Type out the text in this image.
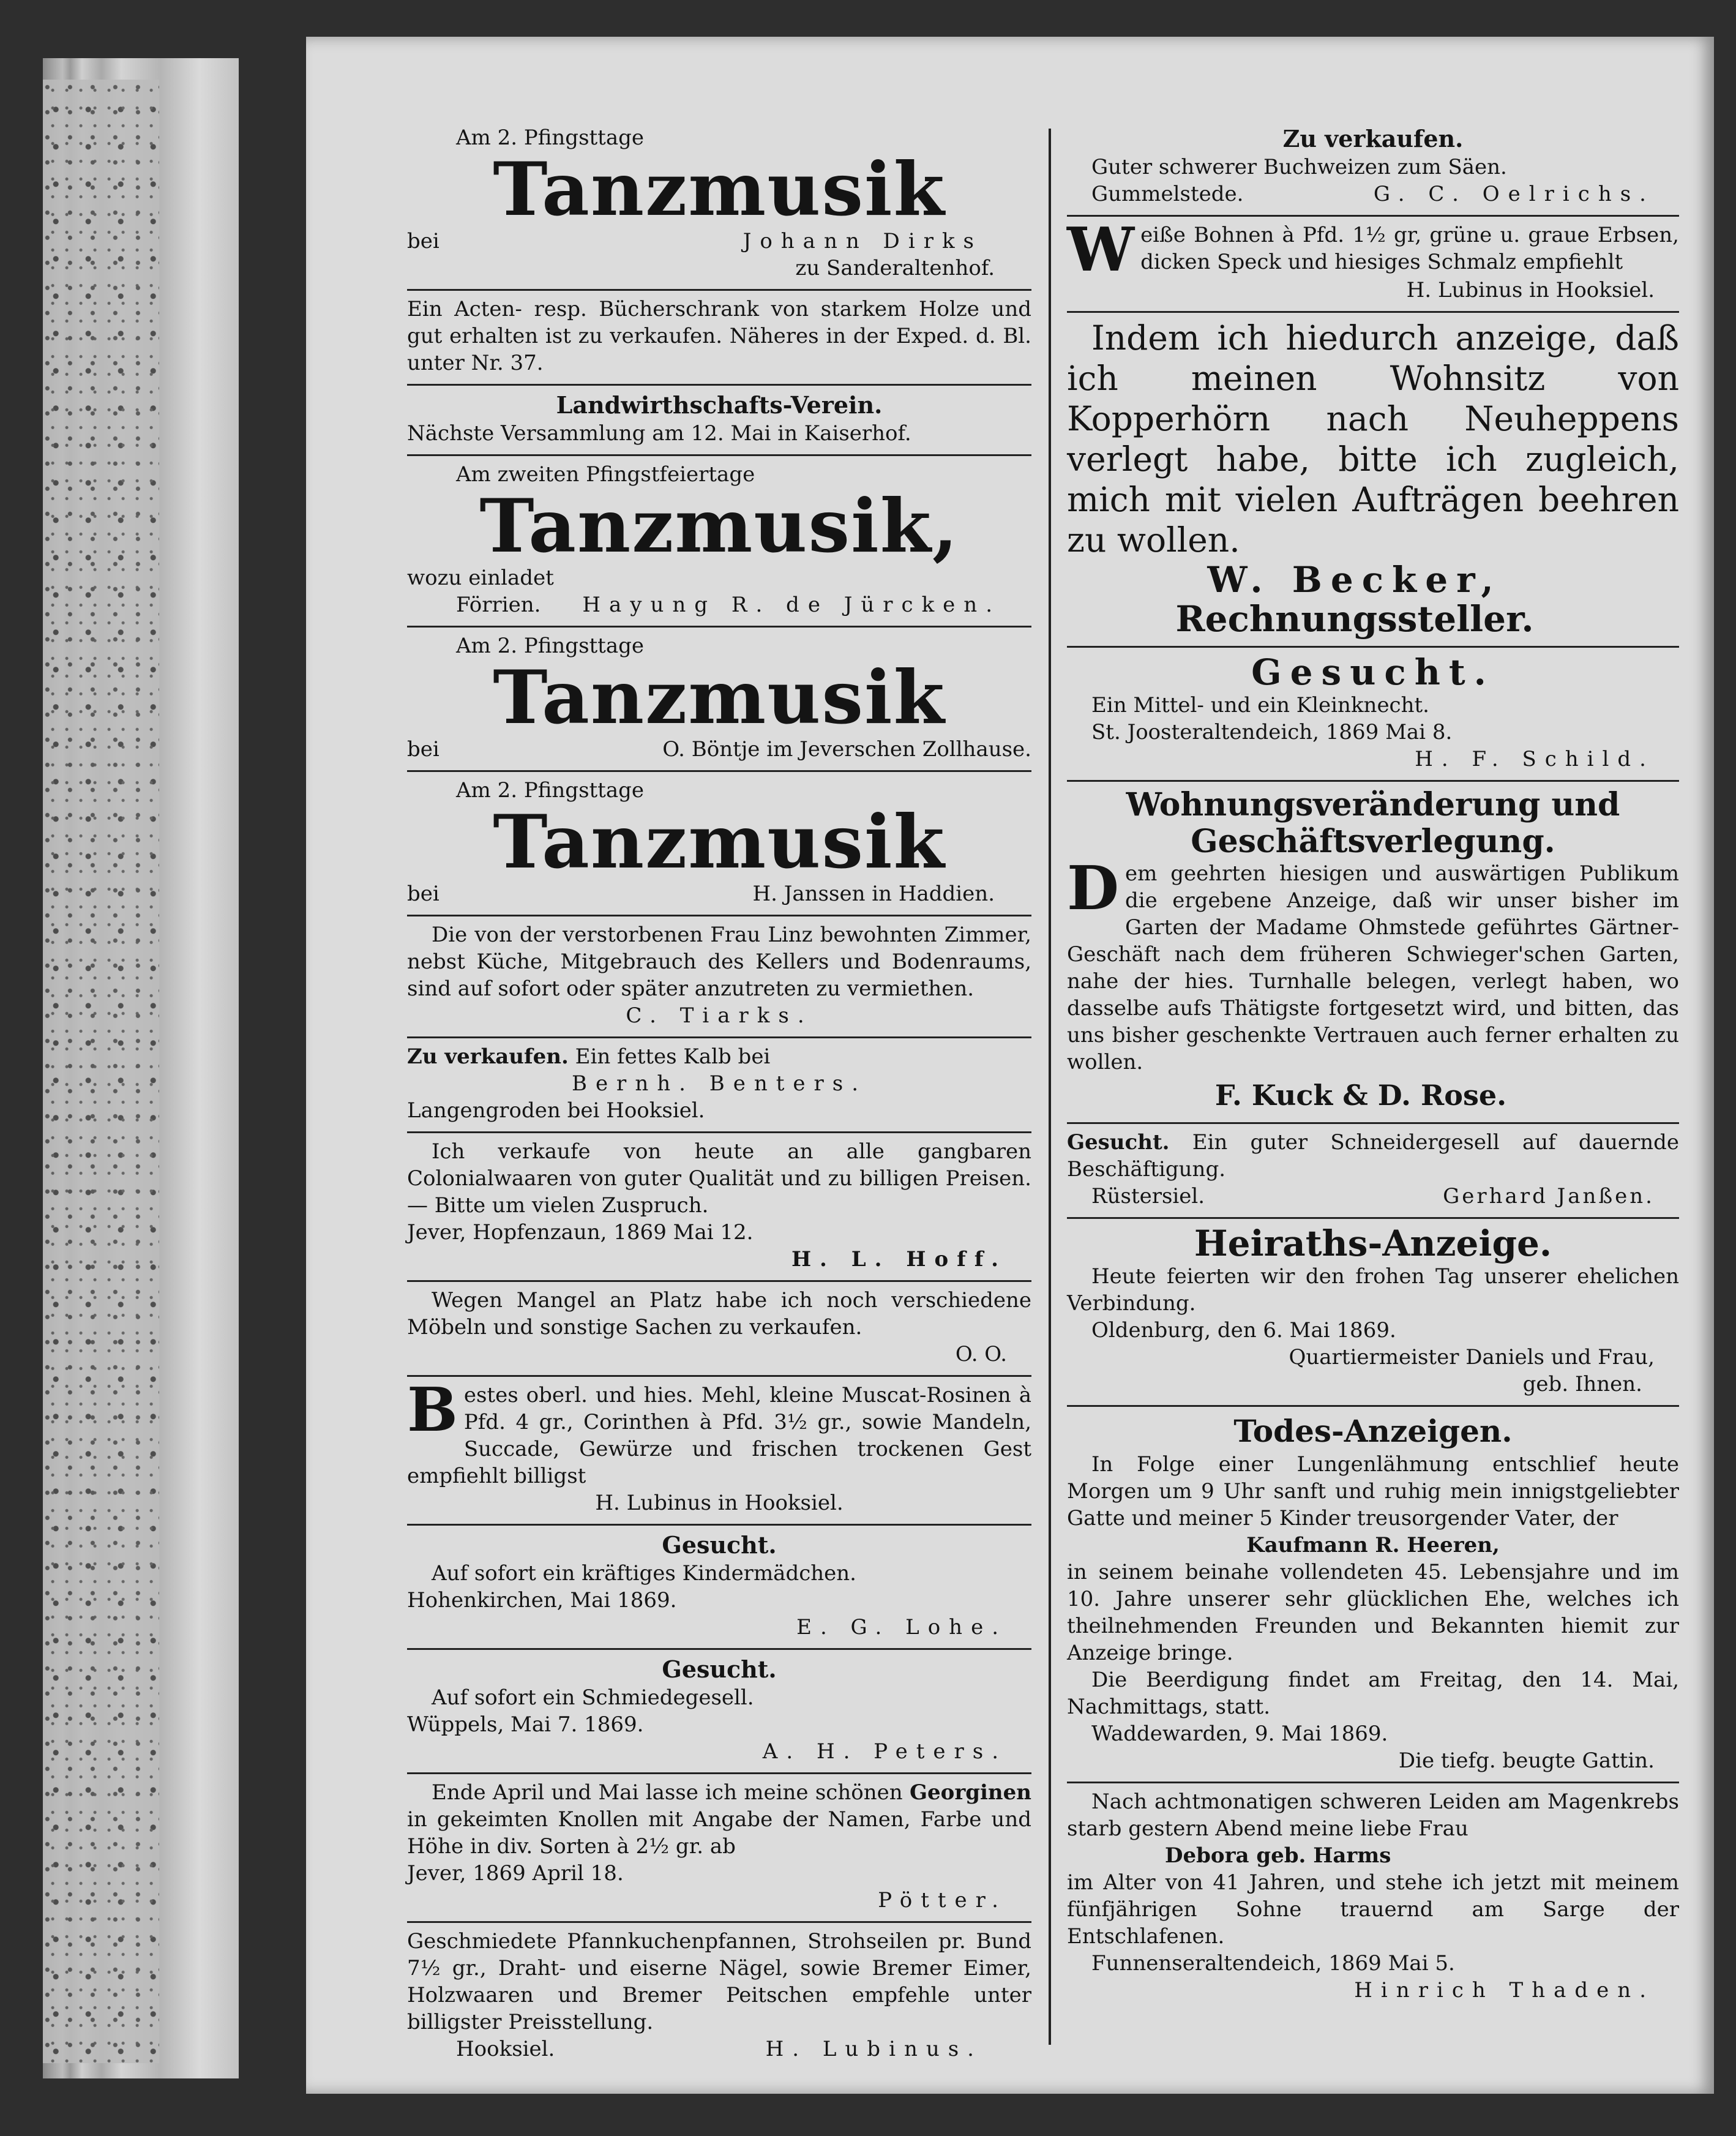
Am 2. Pfingsttage
Tanzmusik
bei	Johann Dirks
zu Sanderaltenhof.
Ein Acten- resp. Bücherschrank von starkem Holze und gut erhalten ist zu verkaufen. Näheres in der Exped. d. Bl. unter Nr. 37.
Landwirthschafts-Verein.
Nächste Versammlung am 12. Mai in Kaiserhof.
Am zweiten Pfingstfeiertage
Tanzmusik,
wozu einladet
Förrien. Hayung R. de Jürcken.
Am 2. Pfingsttage
Tanzmusik
bei	O. Böntje im Jeverschen Zollhause.
Am 2. Pfingsttage
Tanzmusik
bei	H. Janssen in Haddien.
Die von der verstorbenen Frau Linz bewohnten Zimmer, nebst Küche, Mitgebrauch des Kellers und Bodenraums, sind auf sofort oder später anzutreten zu vermiethen.
C. Tiarks.
Zu verkaufen. Ein fettes Kalb bei
Bernh. Benters.
Langengroden bei Hooksiel.
Ich verkaufe von heute an alle gangbaren Colonialwaaren von guter Qualität und zu billigen Preisen. — Bitte um vielen Zuspruch.
Jever, Hopfenzaun, 1869 Mai 12.
H. L. Hoff.
Wegen Mangel an Platz habe ich noch verschiedene Möbeln und sonstige Sachen zu verkaufen.
O. O.
Bestes oberl. und hies. Mehl, kleine Muscat-Rosinen à Pfd. 4 gr., Corinthen à Pfd. 3½ gr., sowie Mandeln, Succade, Gewürze und frischen trockenen Gest empfiehlt billigst
H. Lubinus in Hooksiel.
Gesucht.
Auf sofort ein kräftiges Kindermädchen.
Hohenkirchen, Mai 1869.
E. G. Lohe.
Gesucht.
Auf sofort ein Schmiedegesell.
Wüppels, Mai 7. 1869.
A. H. Peters.
Ende April und Mai lasse ich meine schönen Georginen in gekeimten Knollen mit Angabe der Namen, Farbe und Höhe in div. Sorten à 2½ gr. ab
Jever, 1869 April 18.
Pötter.
Geschmiedete Pfannkuchenpfannen, Strohseilen pr. Bund 7½ gr., Draht- und eiserne Nägel, sowie Bremer Eimer, Holzwaaren und Bremer Peitschen empfehle unter billigster Preisstellung.
Hooksiel.	H. Lubinus.
Zu verkaufen.
Guter schwerer Buchweizen zum Säen.
Gummelstede.	G. C. Oelrichs.
Weiße Bohnen à Pfd. 1½ gr, grüne u. graue Erbsen, dicken Speck und hiesiges Schmalz empfiehlt
H. Lubinus in Hooksiel.
Indem ich hiedurch anzeige, daß ich meinen Wohnsitz von Kopperhörn nach Neuheppens verlegt habe, bitte ich zugleich, mich mit vielen Aufträgen beehren zu wollen.
W. Becker,
Rechnungssteller.
Gesucht.
Ein Mittel- und ein Kleinknecht.
St. Joosteraltendeich, 1869 Mai 8.
H. F. Schild.
Wohnungsveränderung und Geschäftsverlegung.
Dem geehrten hiesigen und auswärtigen Publikum die ergebene Anzeige, daß wir unser bisher im Garten der Madame Ohmstede geführtes Gärtner-Geschäft nach dem früheren Schwieger'schen Garten, nahe der hies. Turnhalle belegen, verlegt haben, wo dasselbe aufs Thätigste fortgesetzt wird, und bitten, das uns bisher geschenkte Vertrauen auch ferner erhalten zu wollen.
F. Kuck & D. Rose.
Gesucht. Ein guter Schneidergesell auf dauernde Beschäftigung.
Rüstersiel.	Gerhard Janßen.
Heiraths-Anzeige.
Heute feierten wir den frohen Tag unserer ehelichen Verbindung.
Oldenburg, den 6. Mai 1869.
Quartiermeister Daniels und Frau,
geb. Ihnen.
Todes-Anzeigen.
In Folge einer Lungenlähmung entschlief heute Morgen um 9 Uhr sanft und ruhig mein innigstgeliebter Gatte und meiner 5 Kinder treusorgender Vater, der
Kaufmann R. Heeren,
in seinem beinahe vollendeten 45. Lebensjahre und im 10. Jahre unserer sehr glücklichen Ehe, welches ich theilnehmenden Freunden und Bekannten hiemit zur Anzeige bringe.
Die Beerdigung findet am Freitag, den 14. Mai, Nachmittags, statt.
Waddewarden, 9. Mai 1869.
Die tiefg. beugte Gattin.
Nach achtmonatigen schweren Leiden am Magenkrebs starb gestern Abend meine liebe Frau
Debora geb. Harms
im Alter von 41 Jahren, und stehe ich jetzt mit meinem fünfjährigen Sohne trauernd am Sarge der Entschlafenen.
Funnenseraltendeich, 1869 Mai 5.
Hinrich Thaden.
